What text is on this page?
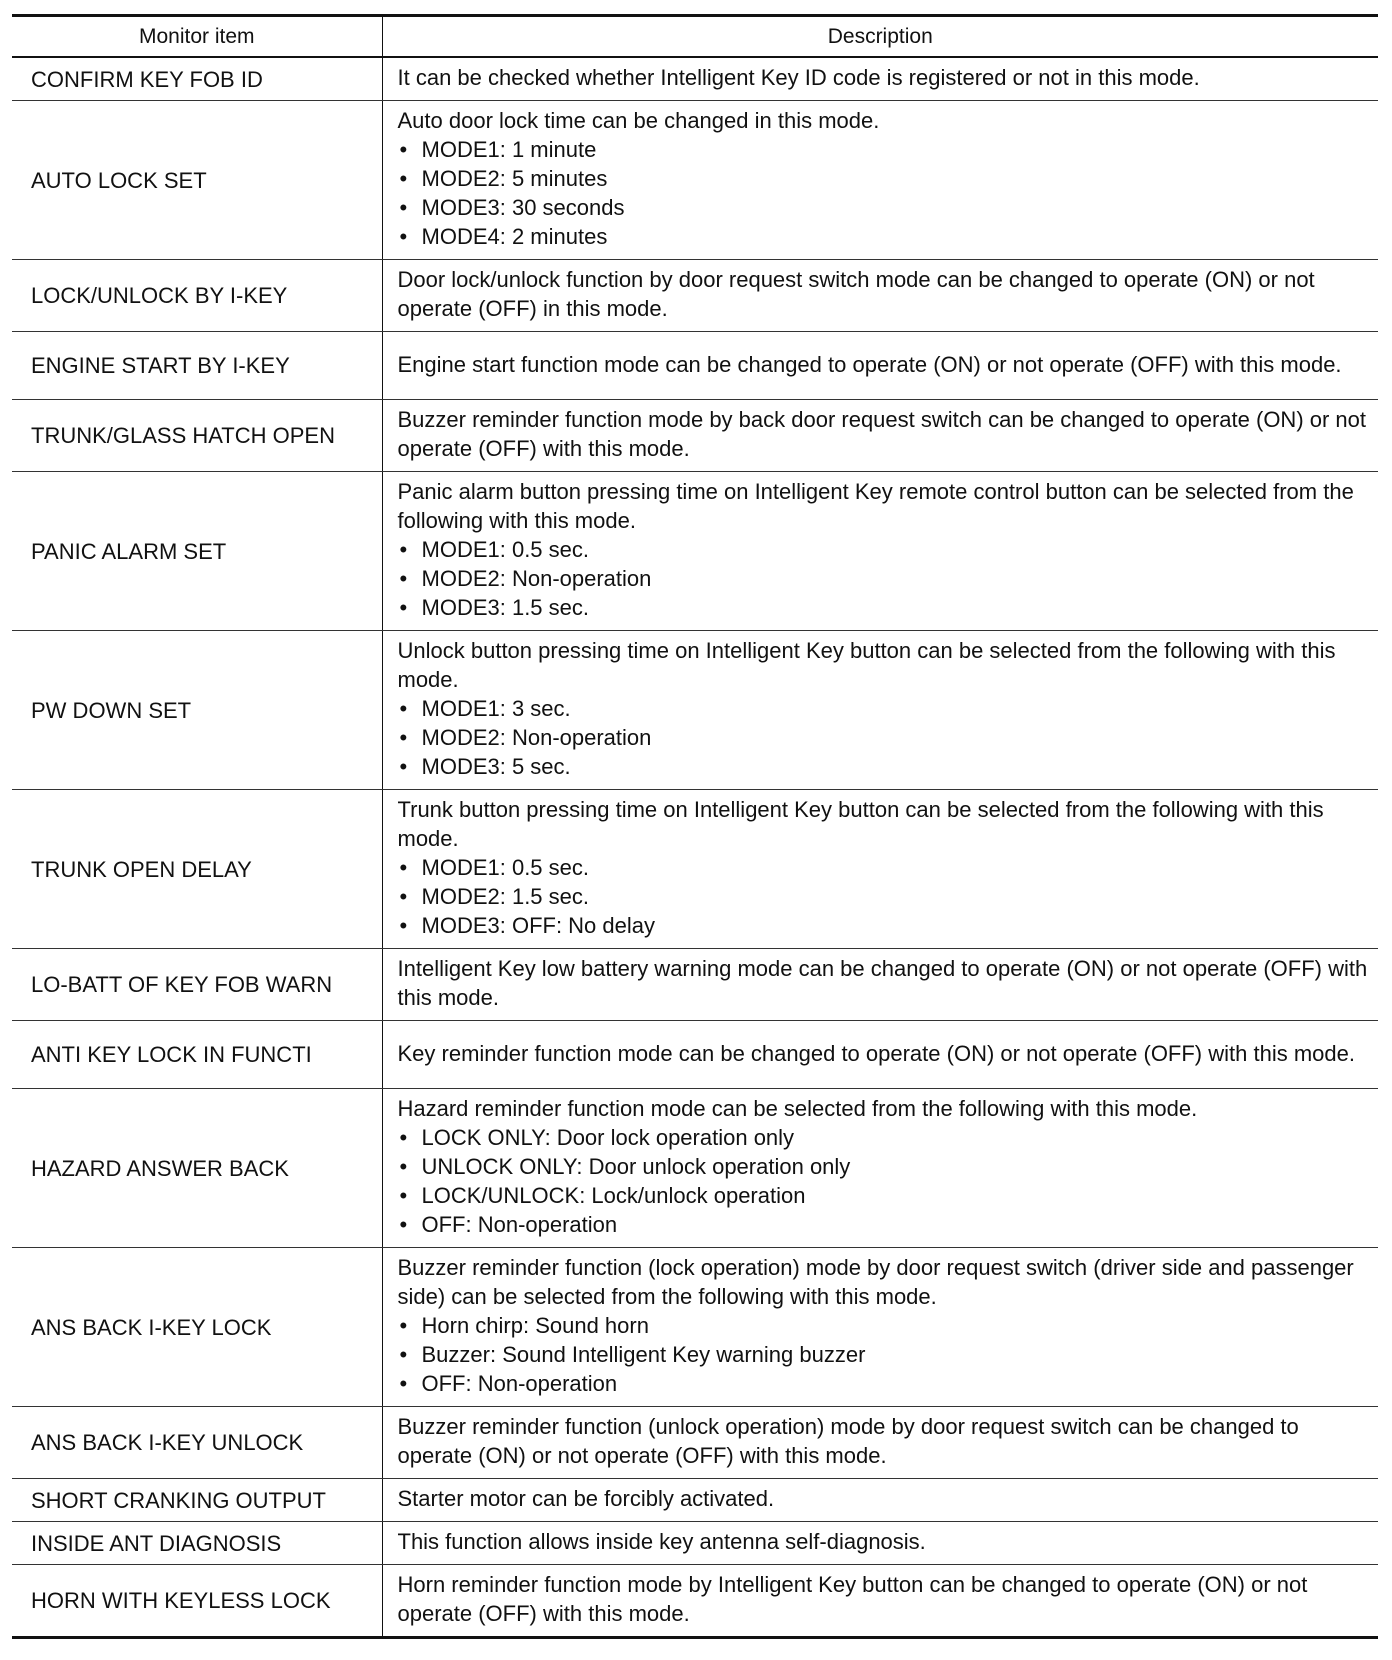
Monitor item	Description
CONFIRM KEY FOB ID	It can be checked whether Intelligent Key ID code is registered or not in this mode.

AUTO LOCK SET	Auto door lock time can be changed in this mode.
• MODE1: 1 minute
• MODE2: 5 minutes
• MODE3: 30 seconds
• MODE4: 2 minutes

LOCK/UNLOCK BY I-KEY	Door lock/unlock function by door request switch mode can be changed to operate (ON) or not operate (OFF) in this mode.

ENGINE START BY I-KEY	Engine start function mode can be changed to operate (ON) or not operate (OFF) with this mode.

TRUNK/GLASS HATCH OPEN	Buzzer reminder function mode by back door request switch can be changed to operate (ON) or not operate (OFF) with this mode.

PANIC ALARM SET	Panic alarm button pressing time on Intelligent Key remote control button can be selected from the following with this mode.
• MODE1: 0.5 sec.
• MODE2: Non-operation
• MODE3: 1.5 sec.

PW DOWN SET	Unlock button pressing time on Intelligent Key button can be selected from the following with this mode.
• MODE1: 3 sec.
• MODE2: Non-operation
• MODE3: 5 sec.

TRUNK OPEN DELAY	Trunk button pressing time on Intelligent Key button can be selected from the following with this mode.
• MODE1: 0.5 sec.
• MODE2: 1.5 sec.
• MODE3: OFF: No delay

LO-BATT OF KEY FOB WARN	Intelligent Key low battery warning mode can be changed to operate (ON) or not operate (OFF) with this mode.

ANTI KEY LOCK IN FUNCTI	Key reminder function mode can be changed to operate (ON) or not operate (OFF) with this mode.

HAZARD ANSWER BACK	Hazard reminder function mode can be selected from the following with this mode.
• LOCK ONLY: Door lock operation only
• UNLOCK ONLY: Door unlock operation only
• LOCK/UNLOCK: Lock/unlock operation
• OFF: Non-operation

ANS BACK I-KEY LOCK	Buzzer reminder function (lock operation) mode by door request switch (driver side and passenger side) can be selected from the following with this mode.
• Horn chirp: Sound horn
• Buzzer: Sound Intelligent Key warning buzzer
• OFF: Non-operation

ANS BACK I-KEY UNLOCK	Buzzer reminder function (unlock operation) mode by door request switch can be changed to operate (ON) or not operate (OFF) with this mode.

SHORT CRANKING OUTPUT	Starter motor can be forcibly activated.

INSIDE ANT DIAGNOSIS	This function allows inside key antenna self-diagnosis.

HORN WITH KEYLESS LOCK	Horn reminder function mode by Intelligent Key button can be changed to operate (ON) or not operate (OFF) with this mode.
